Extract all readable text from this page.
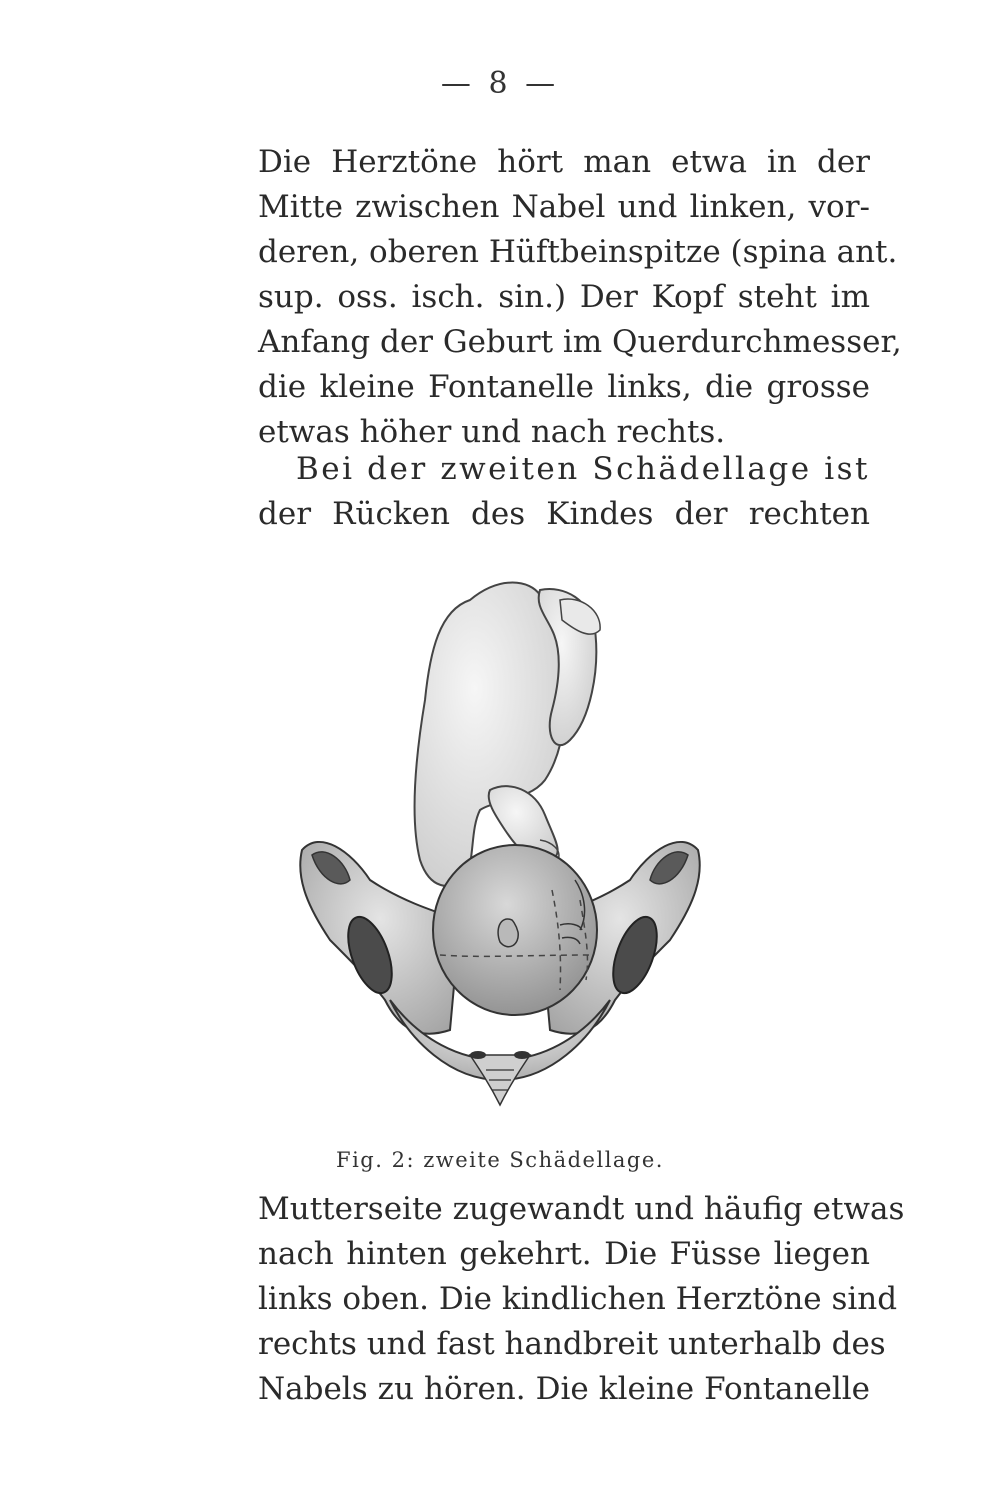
— 8 —
Die Herztöne hört man etwa in der
Mitte zwischen Nabel und linken, vor-
deren, oberen Hüftbeinspitze (spina ant.
sup. oss. isch. sin.) Der Kopf steht im
Anfang der Geburt im Querdurchmesser,
die kleine Fontanelle links, die grosse
etwas höher und nach rechts.
Bei der zweiten Schädellage ist
der Rücken des Kindes der rechten
Fig. 2: zweite Schädellage.
Mutterseite zugewandt und häufig etwas
nach hinten gekehrt. Die Füsse liegen
links oben. Die kindlichen Herztöne sind
rechts und fast handbreit unterhalb des
Nabels zu hören. Die kleine Fontanelle
